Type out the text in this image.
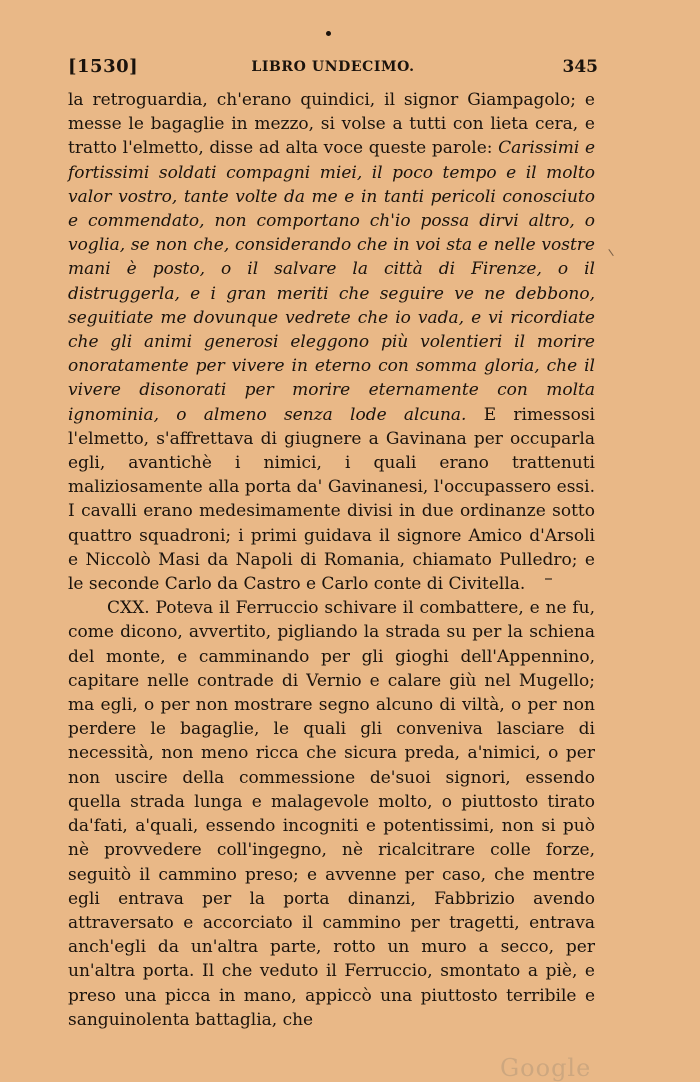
[1530]	LIBRO UNDECIMO.	345

la retroguardia, ch'erano quindici, il signor Giampagolo; e messe le bagaglie in mezzo, si volse a tutti con lieta cera, e tratto l'elmetto, disse ad alta voce queste parole: Carissimi e fortissimi soldati compagni miei, il poco tempo e il molto valor vostro, tante volte da me e in tanti pericoli conosciuto e commendato, non comportano ch'io possa dirvi altro, o voglia, se non che, considerando che in voi sta e nelle vostre mani è posto, o il salvare la città di Firenze, o il distruggerla, e i gran meriti che seguire ve ne debbono, seguitiate me dovunque vedrete che io vada, e vi ricordiate che gli animi generosi eleggono più volentieri il morire onoratamente per vivere in eterno con somma gloria, che il vivere disonorati per morire eternamente con molta ignominia, o almeno senza lode alcuna. E rimessosi l'elmetto, s'affrettava di giugnere a Gavinana per occuparla egli, avantichè i nimici, i quali erano trattenuti maliziosamente alla porta da' Gavinanesi, l'occupassero essi. I cavalli erano medesimamente divisi in due ordinanze sotto quattro squadroni; i primi guidava il signore Amico d'Arsoli e Niccolò Masi da Napoli di Romania, chiamato Pulledro; e le seconde Carlo da Castro e Carlo conte di Civitella.

CXX. Poteva il Ferruccio schivare il combattere, e ne fu, come dicono, avvertito, pigliando la strada su per la schiena del monte, e camminando per gli gioghi dell'Appennino, capitare nelle contrade di Vernio e calare giù nel Mugello; ma egli, o per non mostrare segno alcuno di viltà, o per non perdere le bagaglie, le quali gli conveniva lasciare di necessità, non meno ricca che sicura preda, a'nimici, o per non uscire della commessione de'suoi signori, essendo quella strada lunga e malagevole molto, o piuttosto tirato da'fati, a'quali, essendo incogniti e potentissimi, non si può nè provvedere coll'ingegno, nè ricalcitrare colle forze, seguitò il cammino preso; e avvenne per caso, che mentre egli entrava per la porta dinanzi, Fabbrizio avendo attraversato e accorciato il cammino per tragetti, entrava anch'egli da un'altra parte, rotto un muro a secco, per un'altra porta. Il che veduto il Ferruccio, smontato a piè, e preso una picca in mano, appiccò una piuttosto terribile e sanguinolenta battaglia, che

Google
